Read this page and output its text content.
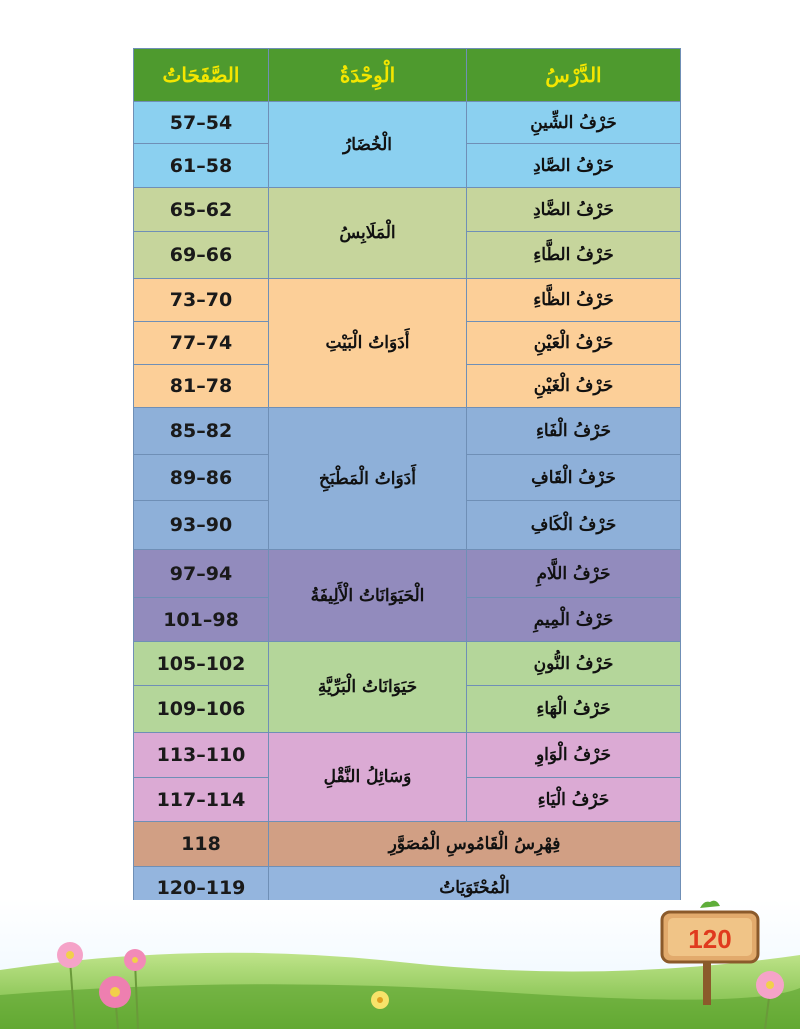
الصَّفَحَاتُ	الْوِحْدَةُ	الدَّرْسُ
57–54	الْخُضَارُ	حَرْفُ الشِّينِ
61–58		حَرْفُ الصَّادِ
65–62	الْمَلَابِسُ	حَرْفُ الضَّادِ
69–66		حَرْفُ الطَّاءِ
73–70	أَدَوَاتُ الْبَيْتِ	حَرْفُ الظَّاءِ
77–74		حَرْفُ الْعَيْنِ
81–78		حَرْفُ الْغَيْنِ
85–82	أَدَوَاتُ الْمَطْبَخِ	حَرْفُ الْفَاءِ
89–86		حَرْفُ الْقَافِ
93–90		حَرْفُ الْكَافِ
97–94	الْحَيَوَانَاتُ الْأَلِيفَةُ	حَرْفُ اللَّامِ
101–98		حَرْفُ الْمِيمِ
105–102	حَيَوَانَاتُ الْبَرِّيَّةِ	حَرْفُ النُّونِ
109–106		حَرْفُ الْهَاءِ
113–110	وَسَائِلُ النَّقْلِ	حَرْفُ الْوَاوِ
117–114		حَرْفُ الْيَاءِ
118	فِهْرِسُ الْقَامُوسِ الْمُصَوَّرِ	
120–119	الْمُحْتَوَيَاتُ	
120
